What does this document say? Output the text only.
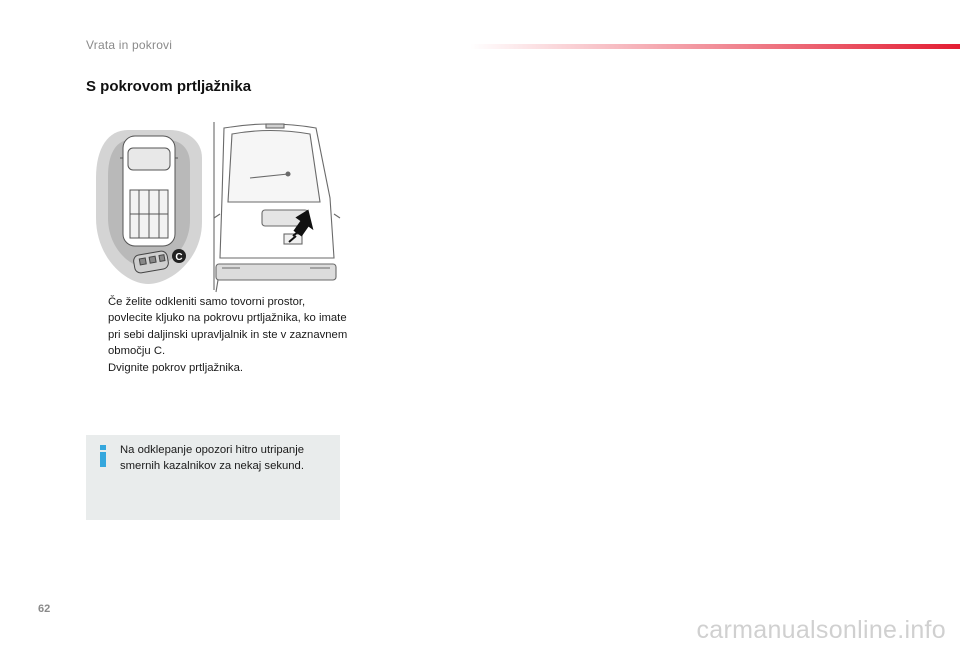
Vrata in pokrovi
S pokrovom prtljažnika
C
Če želite odkleniti samo tovorni prostor, povlecite kljuko na pokrovu prtljažnika, ko imate pri sebi daljinski upravljalnik in ste v zaznavnem območju C.
Dvignite pokrov prtljažnika.
Na odklepanje opozori hitro utripanje smernih kazalnikov za nekaj sekund.
62
carmanualsonline.info
